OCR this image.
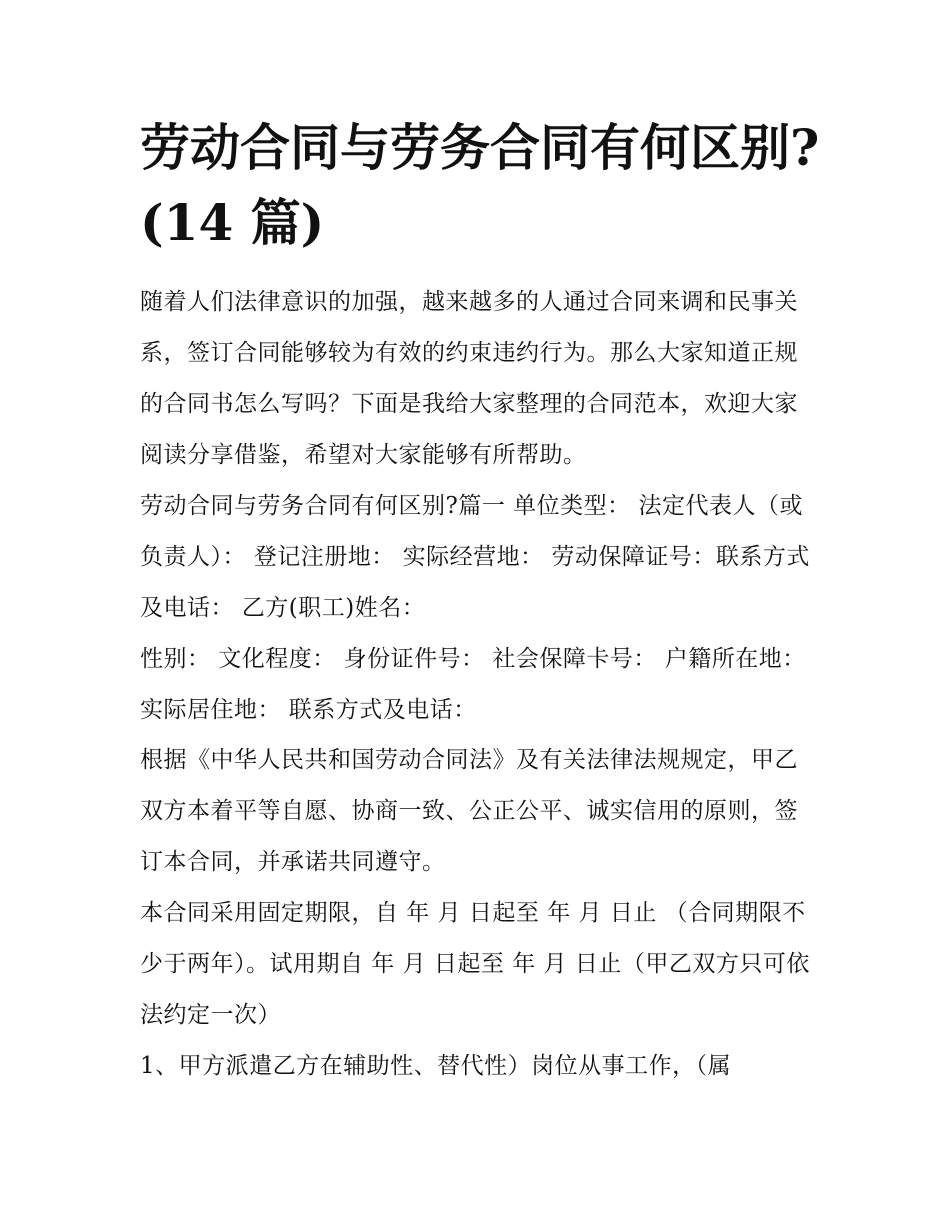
劳动合同与劳务合同有何区别?(14 篇)

随着人们法律意识的加强，越来越多的人通过合同来调和民事关系，签订合同能够较为有效的约束违约行为。那么大家知道正规的合同书怎么写吗？下面是我给大家整理的合同范本，欢迎大家阅读分享借鉴，希望对大家能够有所帮助。

劳动合同与劳务合同有何区别?篇一 单位类型： 法定代表人（或负责人）： 登记注册地： 实际经营地： 劳动保障证号：联系方式及电话： 乙方(职工)姓名：

性别： 文化程度： 身份证件号： 社会保障卡号： 户籍所在地： 实际居住地： 联系方式及电话：

根据《中华人民共和国劳动合同法》及有关法律法规规定，甲乙双方本着平等自愿、协商一致、公正公平、诚实信用的原则，签订本合同，并承诺共同遵守。

本合同采用固定期限，自 年 月 日起至 年 月 日止 （合同期限不少于两年）。试用期自 年 月 日起至 年 月 日止（甲乙双方只可依法约定一次）

1、甲方派遣乙方在辅助性、替代性）岗位从事工作，（属
